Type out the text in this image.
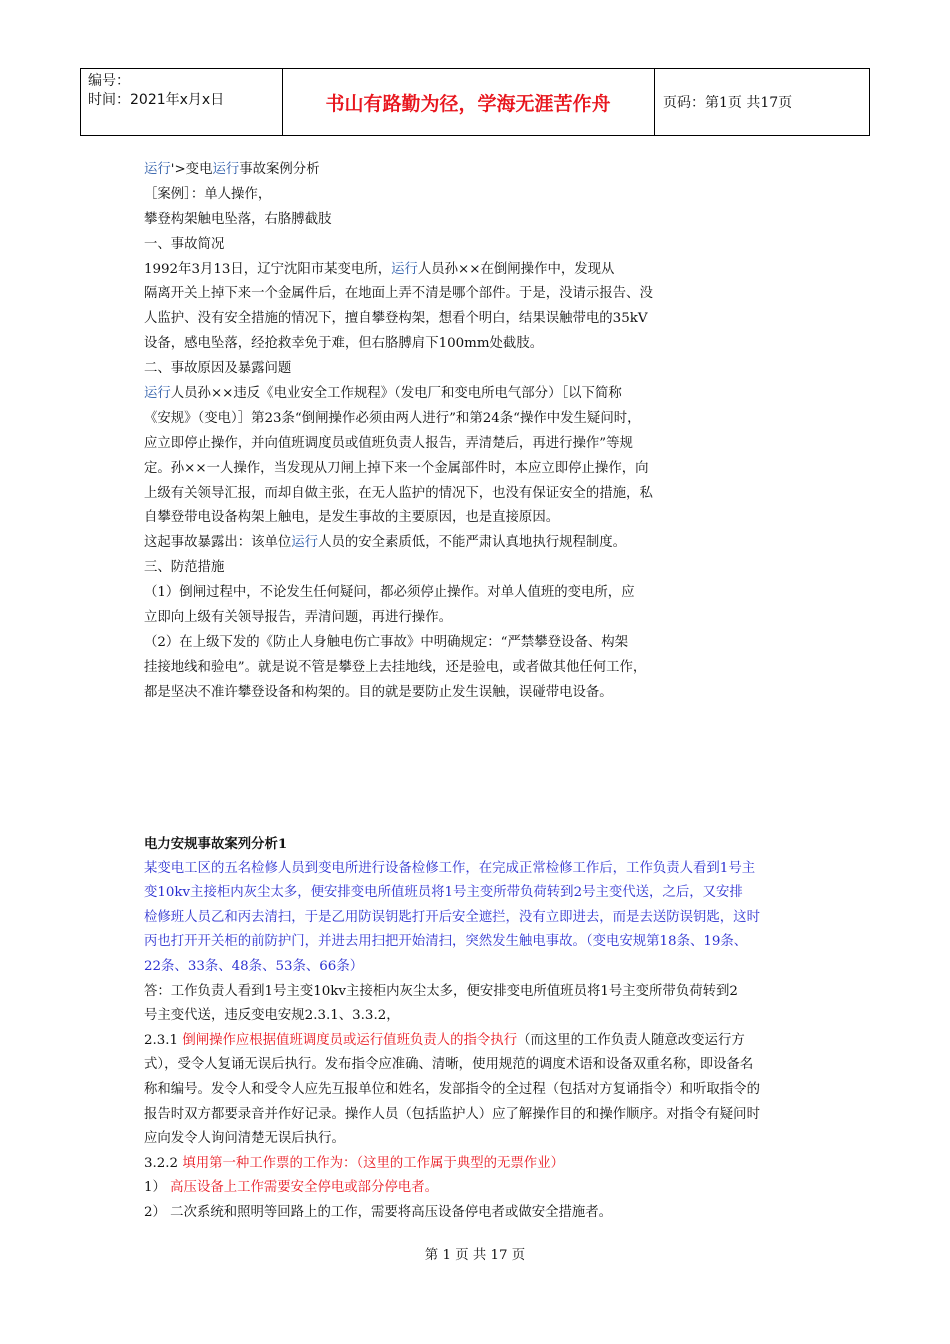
编号：
时间：2021年x月x日	书山有路勤为径，学海无涯苦作舟	页码：第1页 共17页
运行'>变电运行事故案例分析
［案例］：单人操作，
攀登构架触电坠落，右胳膊截肢
一、事故简况
1992年3月13日，辽宁沈阳市某变电所，运行人员孙××在倒闸操作中，发现从
隔离开关上掉下来一个金属件后，在地面上弄不清是哪个部件。于是，没请示报告、没
人监护、没有安全措施的情况下，擅自攀登构架，想看个明白，结果误触带电的35kV
设备，感电坠落，经抢救幸免于难，但右胳膊肩下100mm处截肢。
二、事故原因及暴露问题
运行人员孙××违反《电业安全工作规程》（发电厂和变电所电气部分）［以下简称
《安规》（变电）］第23条“倒闸操作必须由两人进行”和第24条“操作中发生疑问时，
应立即停止操作，并向值班调度员或值班负责人报告，弄清楚后，再进行操作”等规
定。孙××一人操作，当发现从刀闸上掉下来一个金属部件时，本应立即停止操作，向
上级有关领导汇报，而却自做主张，在无人监护的情况下，也没有保证安全的措施，私
自攀登带电设备构架上触电，是发生事故的主要原因，也是直接原因。
这起事故暴露出：该单位运行人员的安全素质低，不能严肃认真地执行规程制度。
三、防范措施
（1）倒闸过程中，不论发生任何疑问，都必须停止操作。对单人值班的变电所，应
立即向上级有关领导报告，弄清问题，再进行操作。
（2）在上级下发的《防止人身触电伤亡事故》中明确规定：“严禁攀登设备、构架
挂接地线和验电”。就是说不管是攀登上去挂地线，还是验电，或者做其他任何工作，
都是坚决不准许攀登设备和构架的。目的就是要防止发生误触，误碰带电设备。
电力安规事故案列分析1
某变电工区的五名检修人员到变电所进行设备检修工作，在完成正常检修工作后，工作负责人看到1号主
变10kv主接柜内灰尘太多，便安排变电所值班员将1号主变所带负荷转到2号主变代送，之后，又安排
检修班人员乙和丙去清扫，于是乙用防误钥匙打开后安全遮拦，没有立即进去，而是去送防误钥匙，这时
丙也打开开关柜的前防护门，并进去用扫把开始清扫，突然发生触电事故。（变电安规第18条、19条、
22条、33条、48条、53条、66条）
答：工作负责人看到1号主变10kv主接柜内灰尘太多，便安排变电所值班员将1号主变所带负荷转到2
号主变代送，违反变电安规2.3.1、3.3.2，
2.3.1 倒闸操作应根据值班调度员或运行值班负责人的指令执行（而这里的工作负责人随意改变运行方
式），受令人复诵无误后执行。发布指令应准确、清晰，使用规范的调度术语和设备双重名称，即设备名
称和编号。发令人和受令人应先互报单位和姓名，发部指令的全过程（包括对方复诵指令）和听取指令的
报告时双方都要录音并作好记录。操作人员（包括监护人）应了解操作目的和操作顺序。对指令有疑问时
应向发令人询问清楚无误后执行。
3.2.2 填用第一种工作票的工作为：（这里的工作属于典型的无票作业）
1） 高压设备上工作需要安全停电或部分停电者。
2） 二次系统和照明等回路上的工作，需要将高压设备停电者或做安全措施者。
第 1 页 共 17 页
